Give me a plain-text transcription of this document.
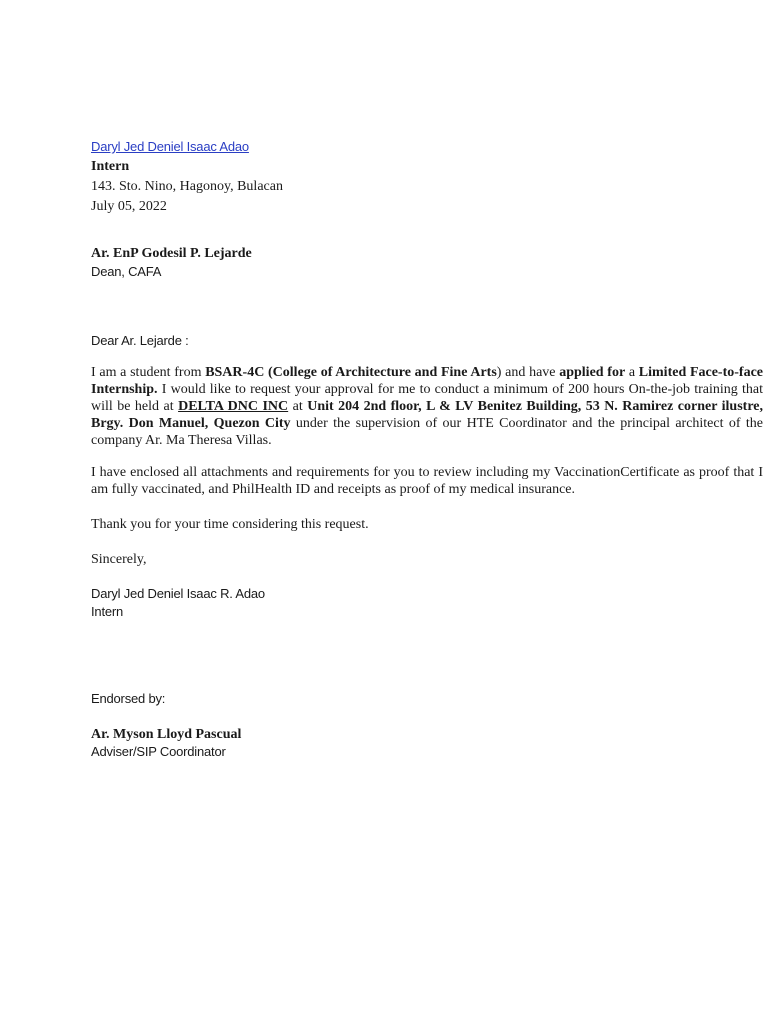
Daryl Jed Deniel Isaac Adao
Intern
143. Sto. Nino, Hagonoy, Bulacan
July 05, 2022
Ar. EnP Godesil P. Lejarde
Dean, CAFA
Dear Ar. Lejarde :
I am a student from BSAR-4C (College of Architecture and Fine Arts) and have applied for a Limited Face-to-face Internship. I would like to request your approval for me to conduct a minimum of 200 hours On-the-job training that will be held at DELTA DNC INC at Unit 204 2nd floor, L & LV Benitez Building, 53 N. Ramirez corner ilustre, Brgy. Don Manuel, Quezon City under the supervision of our HTE Coordinator and the principal architect of the company Ar. Ma Theresa Villas.
I have enclosed all attachments and requirements for you to review including my VaccinationCertificate as proof that I am fully vaccinated, and PhilHealth ID and receipts as proof of my medical insurance.
Thank you for your time considering this request.
Sincerely,
Daryl Jed Deniel Isaac R. Adao
Intern
Endorsed by:
Ar. Myson Lloyd Pascual
Adviser/SIP Coordinator
